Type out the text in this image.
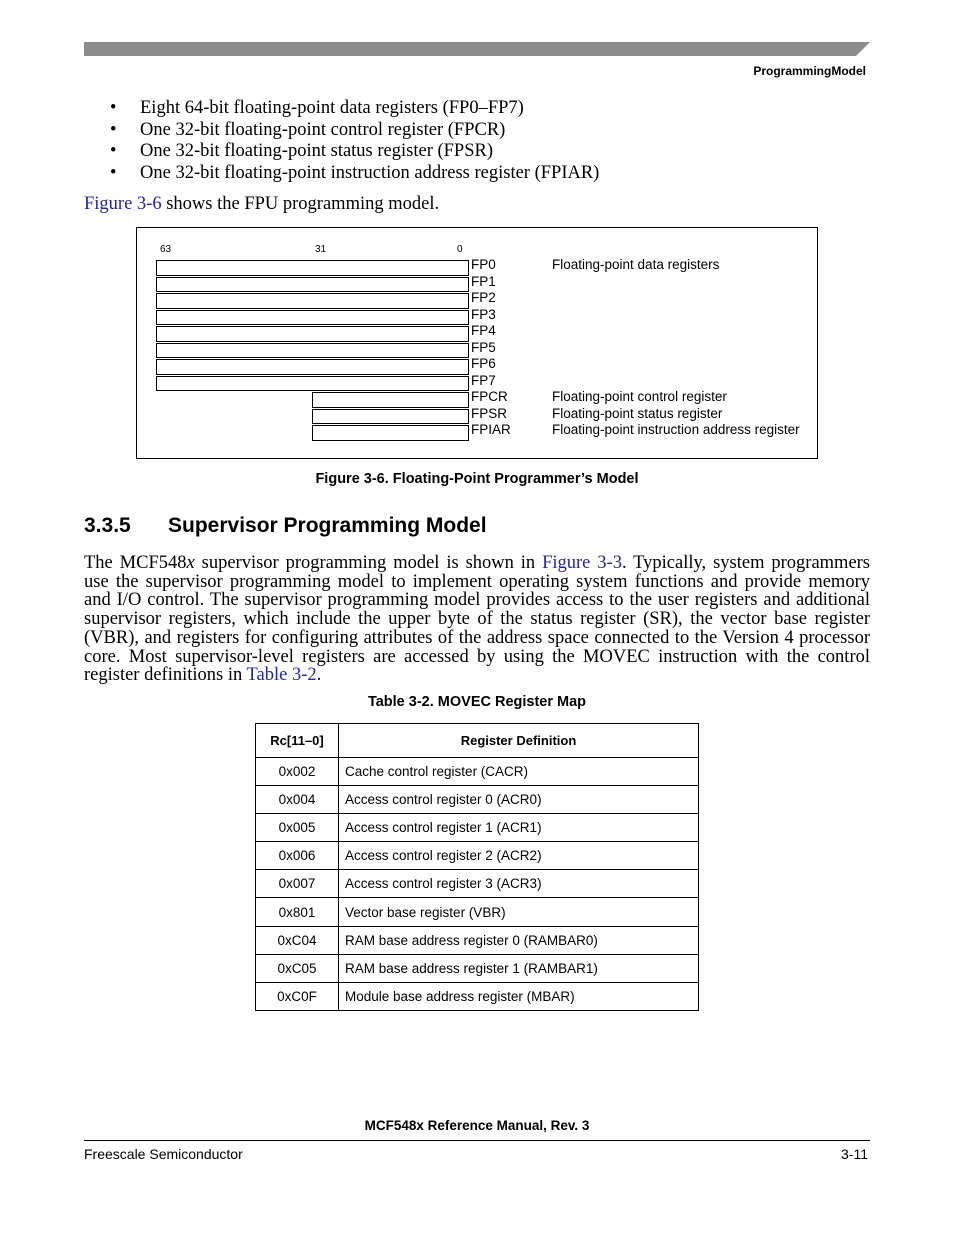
ProgrammingModel
• Eight 64-bit floating-point data registers (FP0–FP7)
• One 32-bit floating-point control register (FPCR)
• One 32-bit floating-point status register (FPSR)
• One 32-bit floating-point instruction address register (FPIAR)
Figure 3-6 shows the FPU programming model.
63	31	0
FP0
FP1
FP2
FP3
FP4
FP5
FP6
FP7
FPCR
FPSR
FPIAR
Floating-point data registers
Floating-point control register
Floating-point status register
Floating-point instruction address register
Figure 3-6. Floating-Point Programmer’s Model
3.3.5 Supervisor Programming Model
The MCF548x supervisor programming model is shown in Figure 3-3. Typically, system programmers use the supervisor programming model to implement operating system functions and provide memory and I/O control. The supervisor programming model provides access to the user registers and additional supervisor registers, which include the upper byte of the status register (SR), the vector base register (VBR), and registers for configuring attributes of the address space connected to the Version 4 processor core. Most supervisor-level registers are accessed by using the MOVEC instruction with the control register definitions in Table 3-2.
Table 3-2. MOVEC Register Map
Rc[11–0]	Register Definition
0x002	Cache control register (CACR)
0x004	Access control register 0 (ACR0)
0x005	Access control register 1 (ACR1)
0x006	Access control register 2 (ACR2)
0x007	Access control register 3 (ACR3)
0x801	Vector base register (VBR)
0xC04	RAM base address register 0 (RAMBAR0)
0xC05	RAM base address register 1 (RAMBAR1)
0xC0F	Module base address register (MBAR)
MCF548x Reference Manual, Rev. 3
Freescale Semiconductor	3-11
